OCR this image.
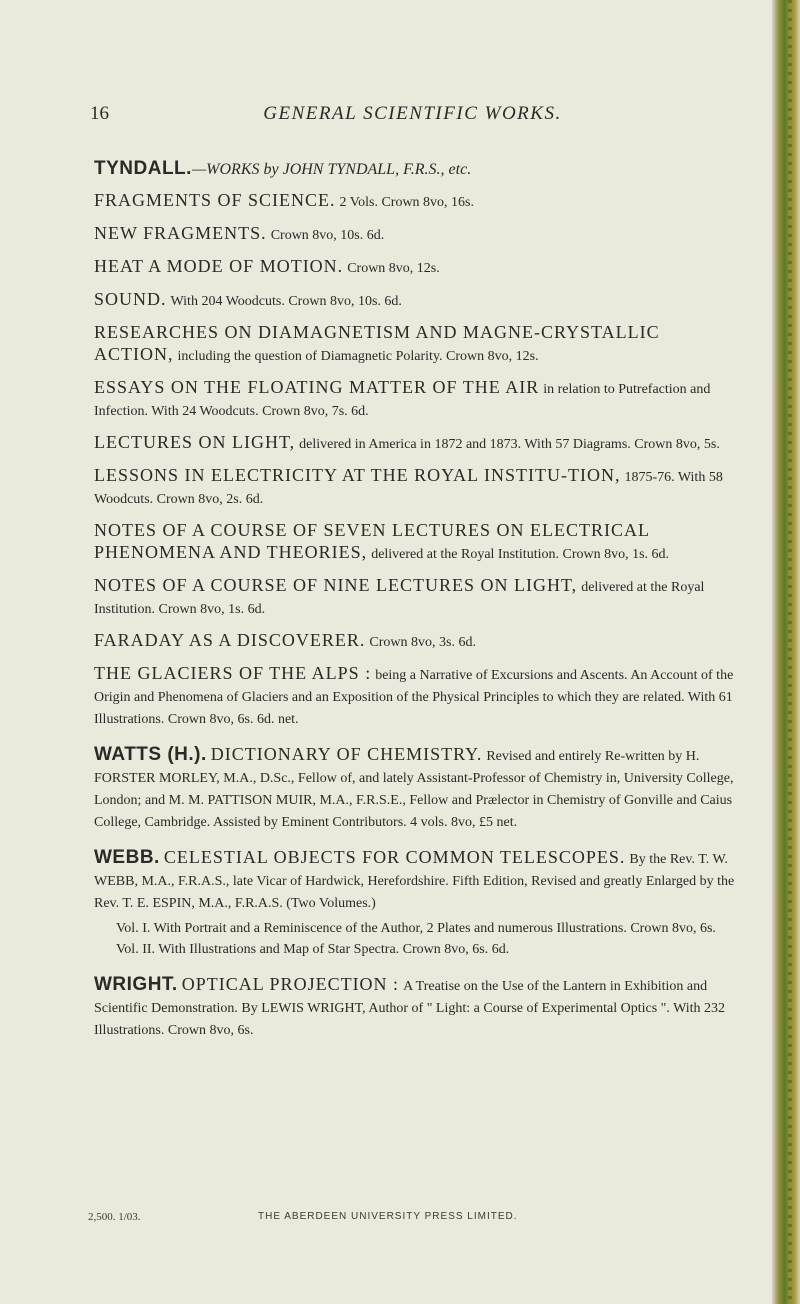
16	GENERAL SCIENTIFIC WORKS.
TYNDALL.—WORKS by JOHN TYNDALL, F.R.S., etc.
FRAGMENTS OF SCIENCE. 2 Vols. Crown 8vo, 16s.
NEW FRAGMENTS. Crown 8vo, 10s. 6d.
HEAT A MODE OF MOTION. Crown 8vo, 12s.
SOUND. With 204 Woodcuts. Crown 8vo, 10s. 6d.
RESEARCHES ON DIAMAGNETISM AND MAGNE-CRYSTALLIC ACTION, including the question of Diamagnetic Polarity. Crown 8vo, 12s.
ESSAYS ON THE FLOATING MATTER OF THE AIR in relation to Putrefaction and Infection. With 24 Woodcuts. Crown 8vo, 7s. 6d.
LECTURES ON LIGHT, delivered in America in 1872 and 1873. With 57 Diagrams. Crown 8vo, 5s.
LESSONS IN ELECTRICITY AT THE ROYAL INSTITU-TION, 1875-76. With 58 Woodcuts. Crown 8vo, 2s. 6d.
NOTES OF A COURSE OF SEVEN LECTURES ON ELECTRICAL PHENOMENA AND THEORIES, delivered at the Royal Institution. Crown 8vo, 1s. 6d.
NOTES OF A COURSE OF NINE LECTURES ON LIGHT, delivered at the Royal Institution. Crown 8vo, 1s. 6d.
FARADAY AS A DISCOVERER. Crown 8vo, 3s. 6d.
THE GLACIERS OF THE ALPS : being a Narrative of Excursions and Ascents. An Account of the Origin and Phenomena of Glaciers and an Exposition of the Physical Principles to which they are related. With 61 Illustrations. Crown 8vo, 6s. 6d. net.
WATTS (H.). DICTIONARY OF CHEMISTRY. Revised and entirely Re-written by H. FORSTER MORLEY, M.A., D.Sc., Fellow of, and lately Assistant-Professor of Chemistry in, University College, London; and M. M. PATTISON MUIR, M.A., F.R.S.E., Fellow and Prælector in Chemistry of Gonville and Caius College, Cambridge. Assisted by Eminent Contributors. 4 vols. 8vo, £5 net.
WEBB. CELESTIAL OBJECTS FOR COMMON TELESCOPES. By the Rev. T. W. WEBB, M.A., F.R.A.S., late Vicar of Hardwick, Herefordshire. Fifth Edition, Revised and greatly Enlarged by the Rev. T. E. ESPIN, M.A., F.R.A.S. (Two Volumes.)
Vol. I. With Portrait and a Reminiscence of the Author, 2 Plates and numerous Illustrations. Crown 8vo, 6s.
Vol. II. With Illustrations and Map of Star Spectra. Crown 8vo, 6s. 6d.
WRIGHT. OPTICAL PROJECTION : A Treatise on the Use of the Lantern in Exhibition and Scientific Demonstration. By LEWIS WRIGHT, Author of " Light: a Course of Experimental Optics ". With 232 Illustrations. Crown 8vo, 6s.
2,500. 1/03.	THE ABERDEEN UNIVERSITY PRESS LIMITED.
